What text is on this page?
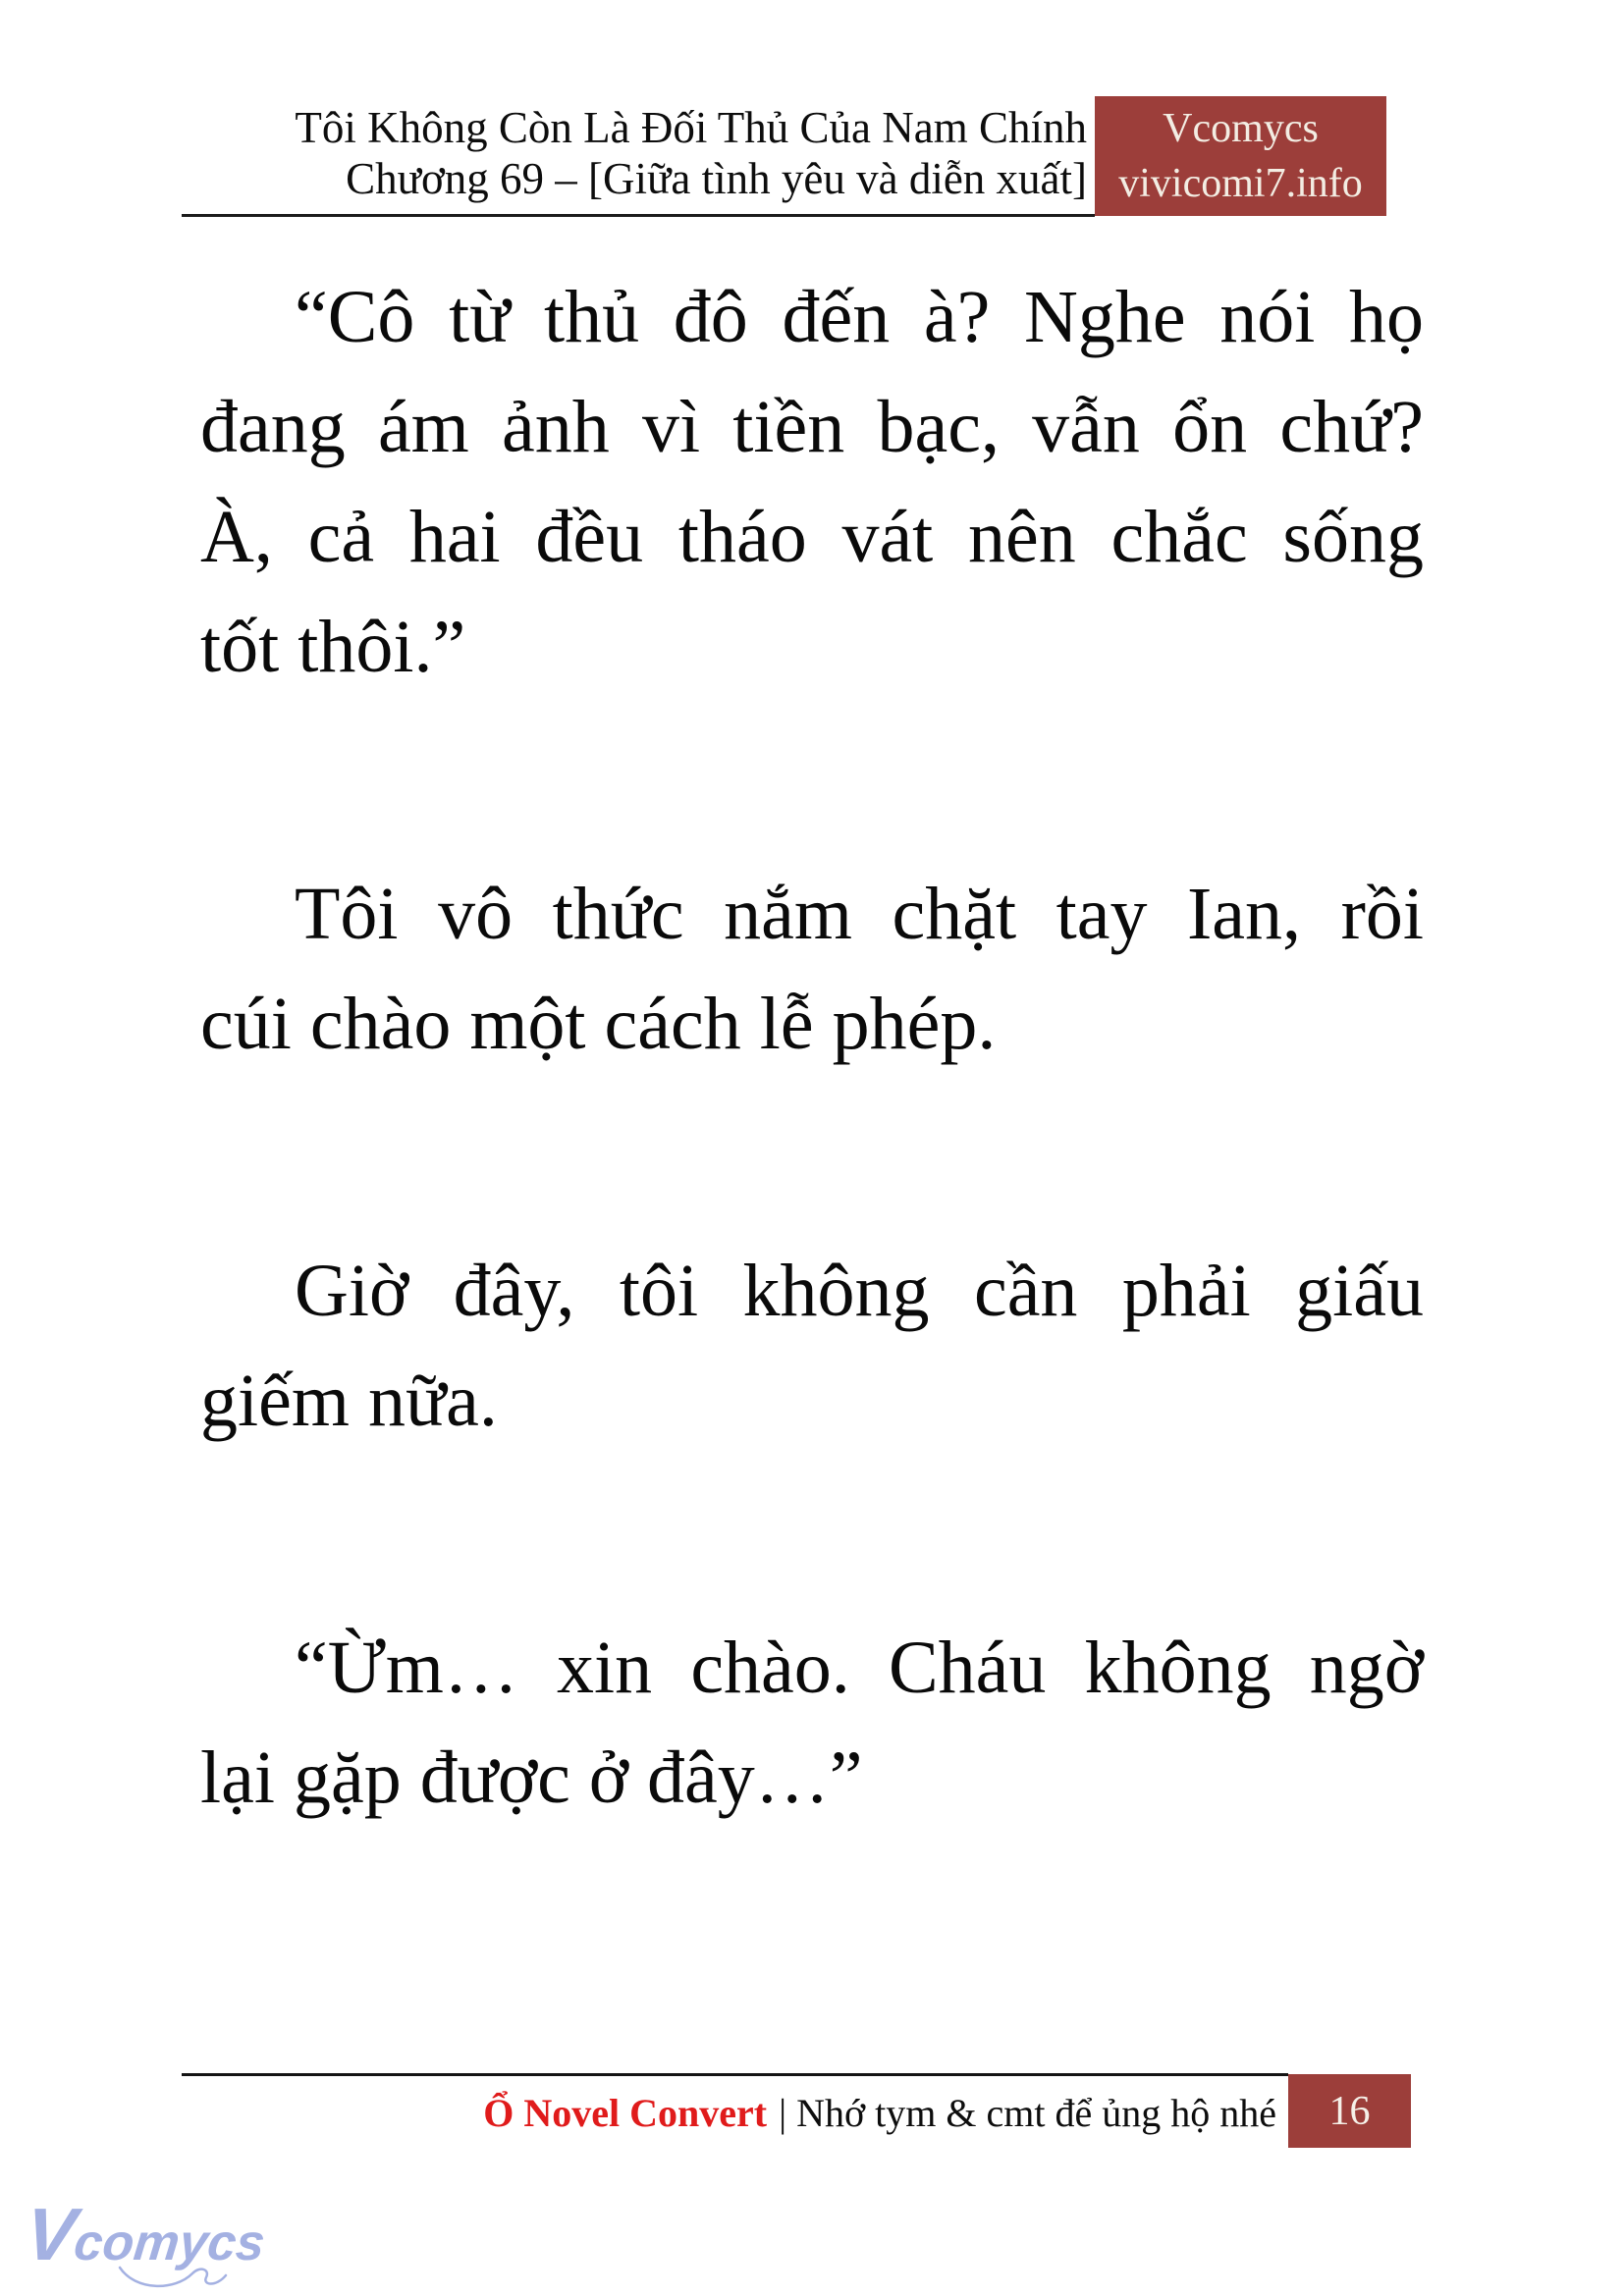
Tôi Không Còn Là Đối Thủ Của Nam Chính
Chương 69 – [Giữa tình yêu và diễn xuất]
Vcomycs
vivicomi7.info
“Cô từ thủ đô đến à? Nghe nói họ
đang ám ảnh vì tiền bạc, vẫn ổn chứ?
À, cả hai đều tháo vát nên chắc sống
tốt thôi.”
Tôi vô thức nắm chặt tay Ian, rồi
cúi chào một cách lễ phép.
Giờ đây, tôi không cần phải giấu
giếm nữa.
“Ừm… xin chào. Cháu không ngờ
lại gặp được ở đây…”
Ổ Novel Convert | Nhớ tym & cmt để ủng hộ nhé 16
Vcomycs
